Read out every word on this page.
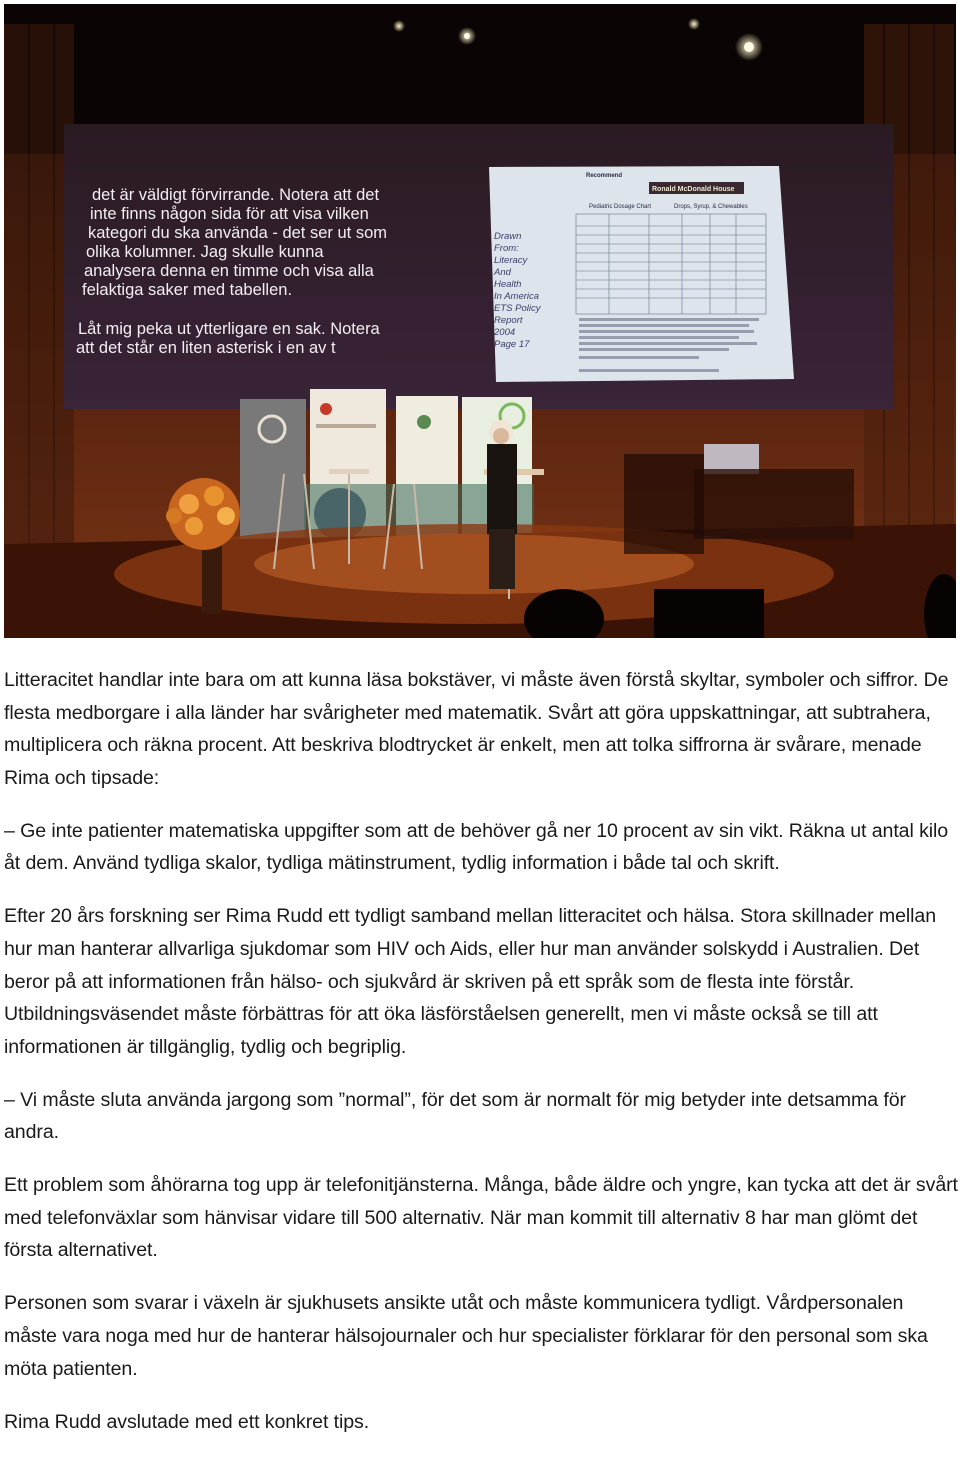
Recommend
Ronald McDonald House
Pediatric Dosage Chart	Drops, Syrup, & Chewables
Drawn
From:
Literacy
And
Health
In America
ETS Policy
Report
2004
Page 17
det är väldigt förvirrande. Notera att det
inte finns någon sida för att visa vilken
kategori du ska använda - det ser ut som
olika kolumner. Jag skulle kunna
analysera denna en timme och visa alla
felaktiga saker med tabellen.
Låt mig peka ut ytterligare en sak. Notera
att det står en liten asterisk i en av t

Litteracitet handlar inte bara om att kunna läsa bokstäver, vi måste även förstå skyltar, symboler och siffror. De flesta medborgare i alla länder har svårigheter med matematik. Svårt att göra uppskattningar, att subtrahera, multiplicera och räkna procent. Att beskriva blodtrycket är enkelt, men att tolka siffrorna är svårare, menade Rima och tipsade:

– Ge inte patienter matematiska uppgifter som att de behöver gå ner 10 procent av sin vikt. Räkna ut antal kilo åt dem. Använd tydliga skalor, tydliga mätinstrument, tydlig information i både tal och skrift.

Efter 20 års forskning ser Rima Rudd ett tydligt samband mellan litteracitet och hälsa. Stora skillnader mellan hur man hanterar allvarliga sjukdomar som HIV och Aids, eller hur man använder solskydd i Australien. Det beror på att informationen från hälso- och sjukvård är skriven på ett språk som de flesta inte förstår. Utbildningsväsendet måste förbättras för att öka läsförståelsen generellt, men vi måste också se till att informationen är tillgänglig, tydlig och begriplig.

– Vi måste sluta använda jargong som ”normal”, för det som är normalt för mig betyder inte detsamma för andra.

Ett problem som åhörarna tog upp är telefonitjänsterna. Många, både äldre och yngre, kan tycka att det är svårt med telefonväxlar som hänvisar vidare till 500 alternativ. När man kommit till alternativ 8 har man glömt det första alternativet.

Personen som svarar i växeln är sjukhusets ansikte utåt och måste kommunicera tydligt. Vårdpersonalen måste vara noga med hur de hanterar hälsojournaler och hur specialister förklarar för den personal som ska möta patienten.

Rima Rudd avslutade med ett konkret tips.
